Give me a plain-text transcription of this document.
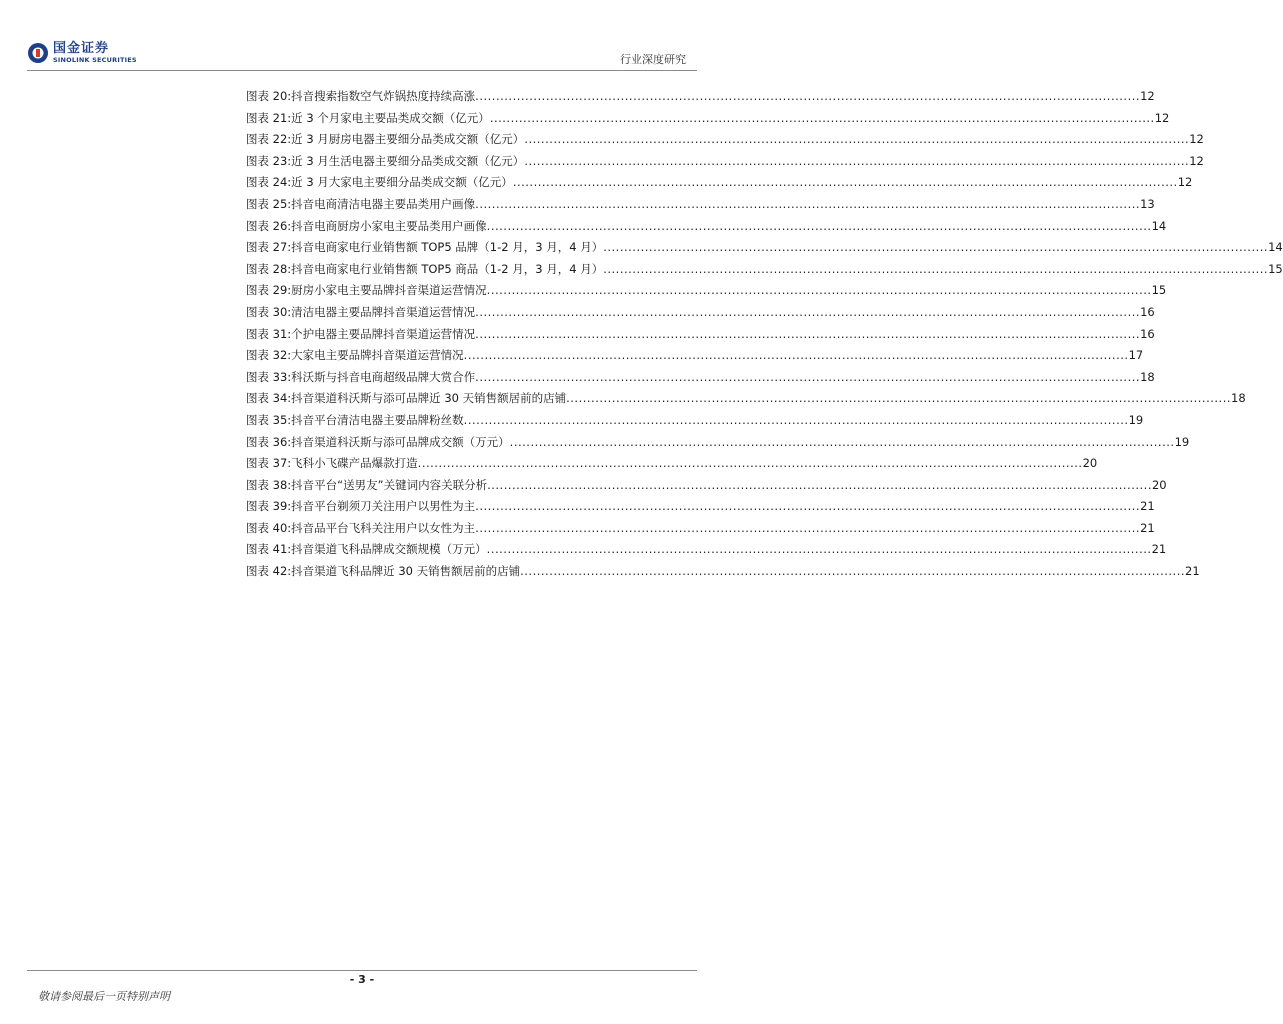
国金证券
SINOLINK SECURITIES	行业深度研究
图表 20: 抖音搜索指数空气炸锅热度持续高涨 .....	12
图表 21: 近 3 个月家电主要品类成交额（亿元） .....	12
图表 22: 近 3 月厨房电器主要细分品类成交额（亿元） .....	12
图表 23: 近 3 月生活电器主要细分品类成交额（亿元） .....	12
图表 24: 近 3 月大家电主要细分品类成交额（亿元） .....	12
图表 25: 抖音电商清洁电器主要品类用户画像 .....	13
图表 26: 抖音电商厨房小家电主要品类用户画像 .....	14
图表 27: 抖音电商家电行业销售额 TOP5 品牌（1-2 月，3 月，4 月） .....	14
图表 28: 抖音电商家电行业销售额 TOP5 商品（1-2 月，3 月，4 月） .....	15
图表 29: 厨房小家电主要品牌抖音渠道运营情况 .....	15
图表 30: 清洁电器主要品牌抖音渠道运营情况 .....	16
图表 31: 个护电器主要品牌抖音渠道运营情况 .....	16
图表 32: 大家电主要品牌抖音渠道运营情况 .....	17
图表 33: 科沃斯与抖音电商超级品牌大赏合作 .....	18
图表 34: 抖音渠道科沃斯与添可品牌近 30 天销售额居前的店铺 .....	18
图表 35: 抖音平台清洁电器主要品牌粉丝数 .....	19
图表 36: 抖音渠道科沃斯与添可品牌成交额（万元） .....	19
图表 37: 飞科小飞碟产品爆款打造 .....	20
图表 38: 抖音平台“送男友”关键词内容关联分析 .....	20
图表 39: 抖音平台剃须刀关注用户以男性为主 .....	21
图表 40: 抖音品平台飞科关注用户以女性为主 .....	21
图表 41: 抖音渠道飞科品牌成交额规模（万元） .....	21
图表 42: 抖音渠道飞科品牌近 30 天销售额居前的店铺 .....	21
- 3 -
敬请参阅最后一页特别声明
